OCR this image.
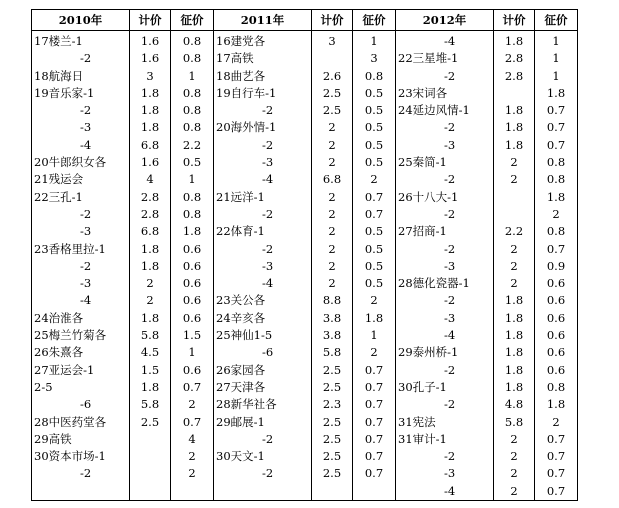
2010年	计价	征价	2011年	计价	征价	2012年	计价	征价
17楼兰-1	1.6	0.8	16建党各	3	1	-4	1.8	1
-2	1.6	0.8	17高铁		3	22三星堆-1	2.8	1
18航海日	3	1	18曲艺各	2.6	0.8	-2	2.8	1
19音乐家-1	1.8	0.8	19自行车-1	2.5	0.5	23宋词各		1.8
-2	1.8	0.8	-2	2.5	0.5	24延边风情-1	1.8	0.7
-3	1.8	0.8	20海外情-1	2	0.5	-2	1.8	0.7
-4	6.8	2.2	-2	2	0.5	-3	1.8	0.7
20牛郎织女各	1.6	0.5	-3	2	0.5	25秦简-1	2	0.8
21残运会	4	1	-4	6.8	2	-2	2	0.8
22三孔-1	2.8	0.8	21远洋-1	2	0.7	26十八大-1		1.8
-2	2.8	0.8	-2	2	0.7	-2		2
-3	6.8	1.8	22体育-1	2	0.5	27招商-1	2.2	0.8
23香格里拉-1	1.8	0.6	-2	2	0.5	-2	2	0.7
-2	1.8	0.6	-3	2	0.5	-3	2	0.9
-3	2	0.6	-4	2	0.5	28德化瓷器-1	2	0.6
-4	2	0.6	23关公各	8.8	2	-2	1.8	0.6
24治淮各	1.8	0.6	24辛亥各	3.8	1.8	-3	1.8	0.6
25梅兰竹菊各	5.8	1.5	25神仙1-5	3.8	1	-4	1.8	0.6
26朱熹各	4.5	1	-6	5.8	2	29泰州桥-1	1.8	0.6
27亚运会-1	1.5	0.6	26家园各	2.5	0.7	-2	1.8	0.6
2-5	1.8	0.7	27天津各	2.5	0.7	30孔子-1	1.8	0.8
-6	5.8	2	28新华社各	2.3	0.7	-2	4.8	1.8
28中医药堂各	2.5	0.7	29邮展-1	2.5	0.7	31宪法	5.8	2
29高铁		4	-2	2.5	0.7	31审计-1	2	0.7
30资本市场-1		2	30天文-1	2.5	0.7	-2	2	0.7
-2		2	-2	2.5	0.7	-3	2	0.7
						-4	2	0.7
